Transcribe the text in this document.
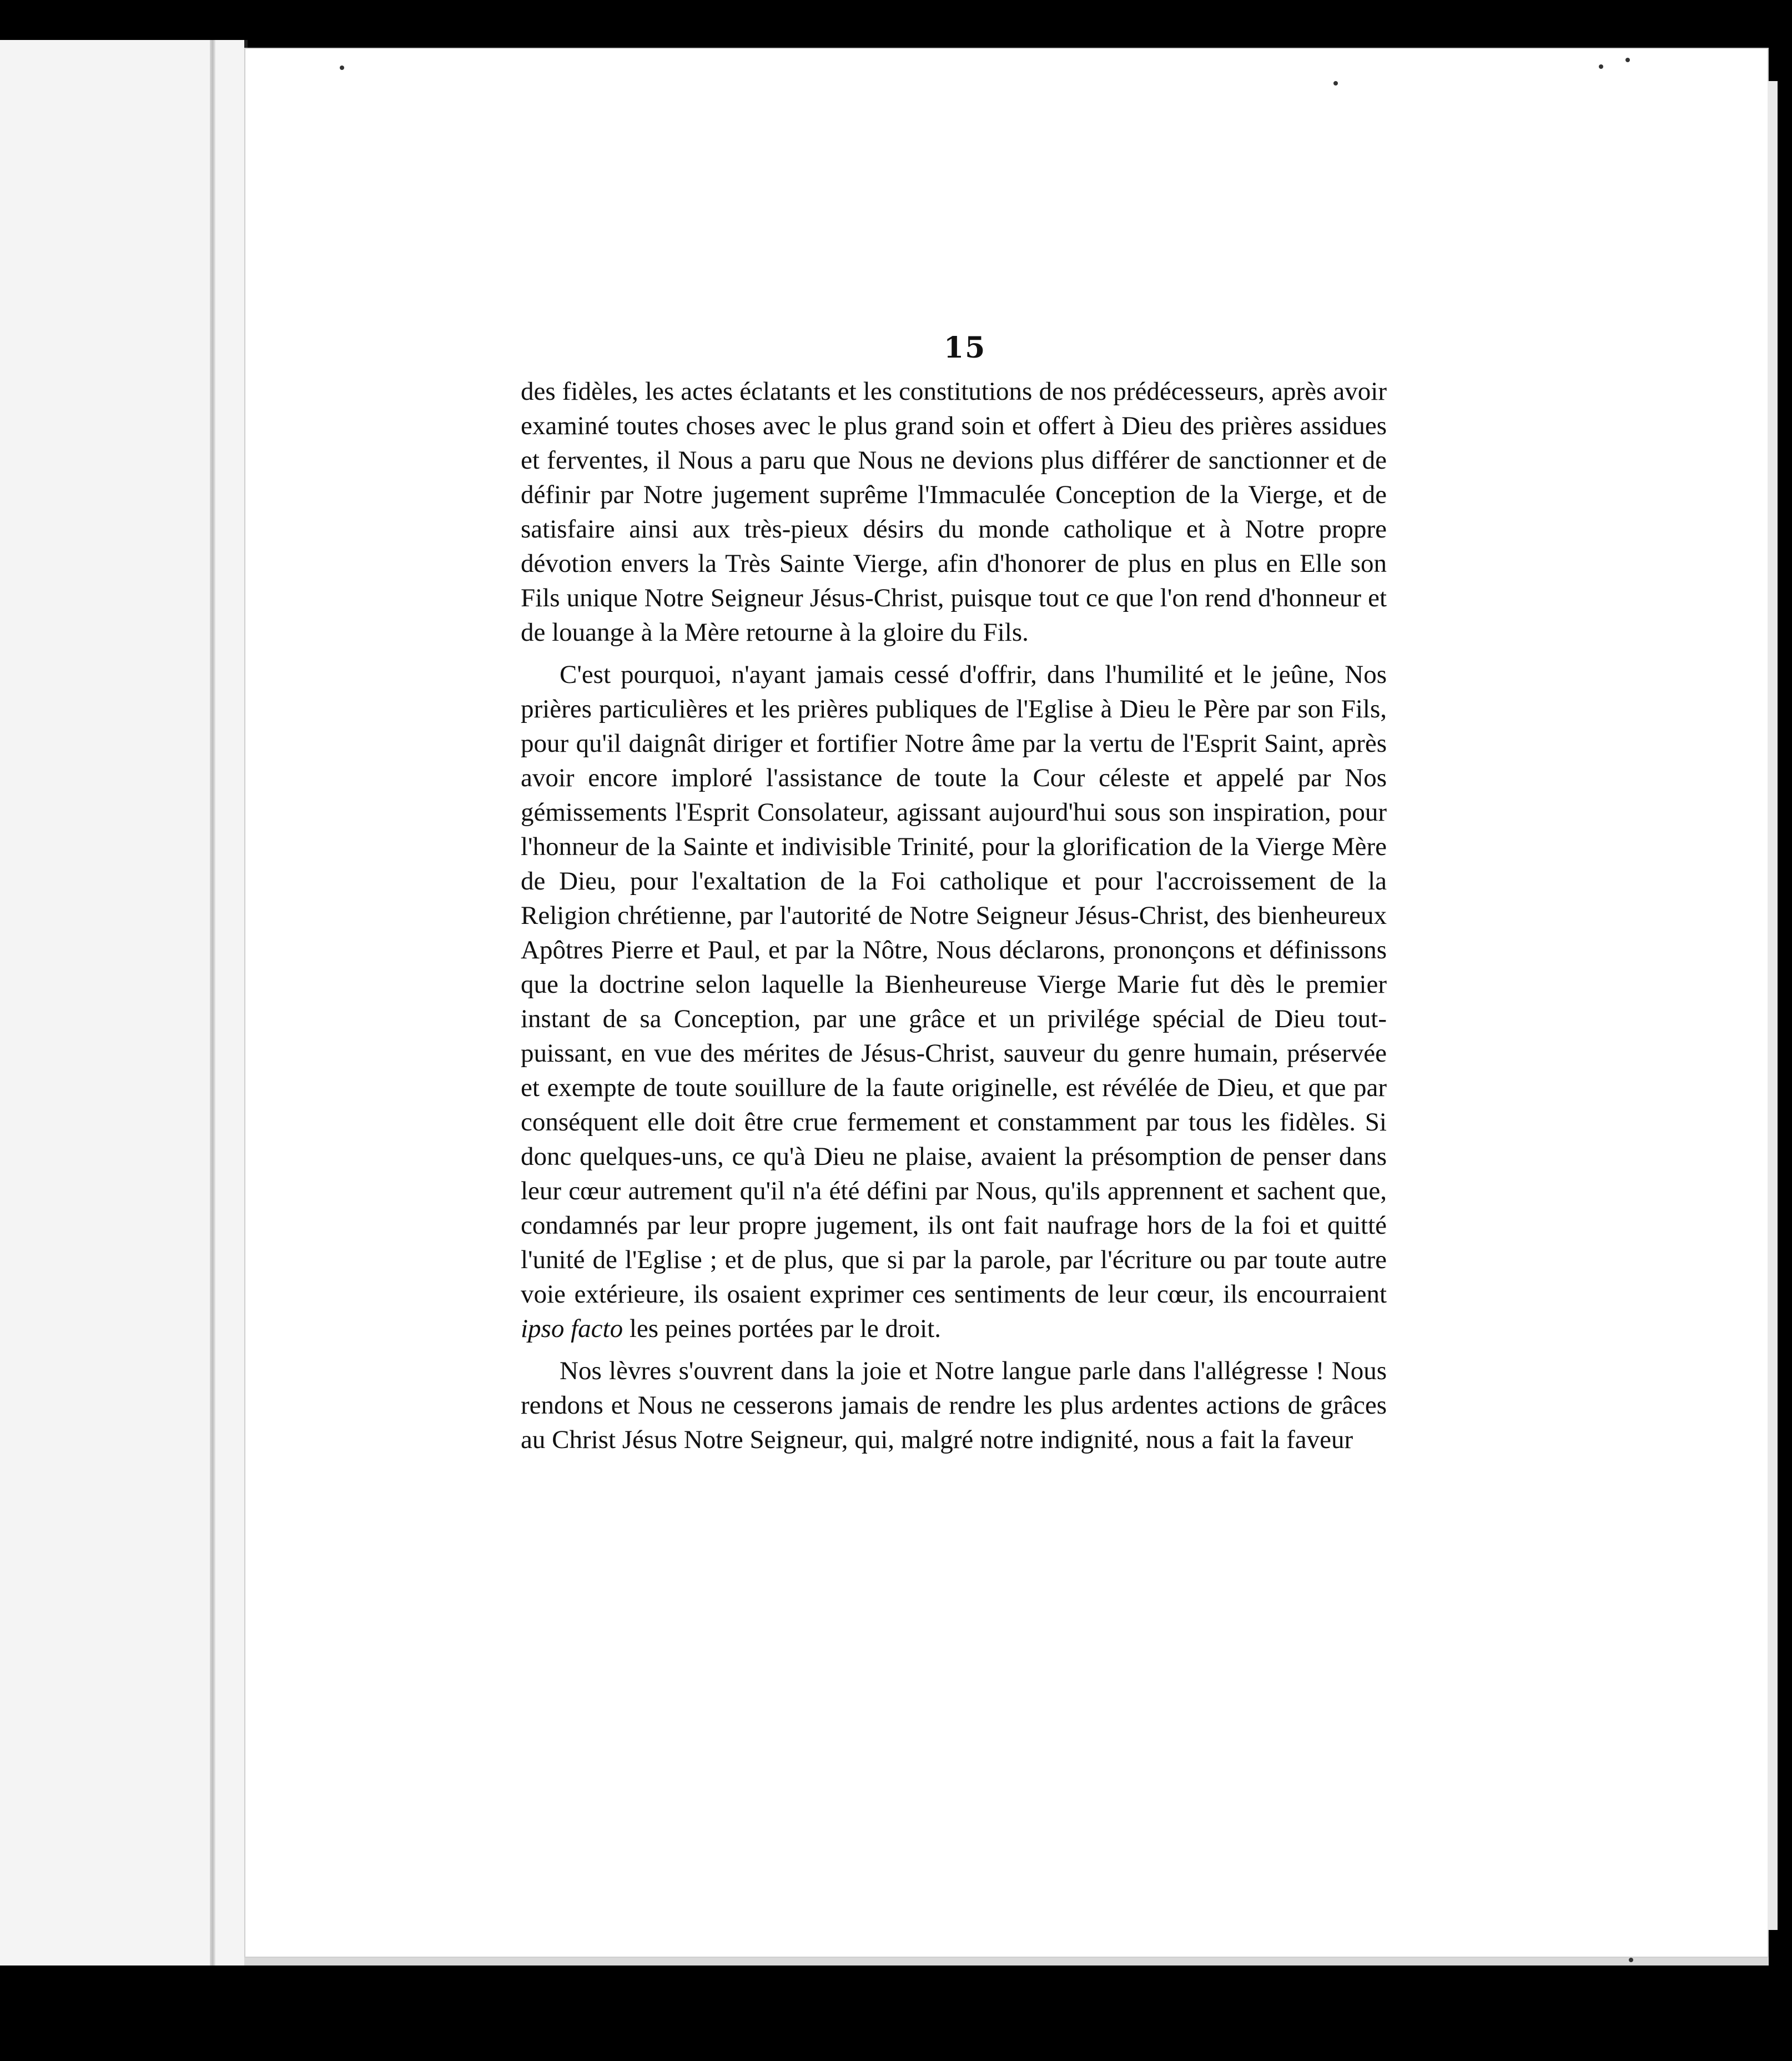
15

des fidèles, les actes éclatants et les constitutions de nos prédécesseurs, après avoir examiné toutes choses avec le plus grand soin et offert à Dieu des prières assidues et ferventes, il Nous a paru que Nous ne devions plus différer de sanctionner et de définir par Notre jugement suprême l'Immaculée Conception de la Vierge, et de satisfaire ainsi aux très-pieux désirs du monde catholique et à Notre propre dévotion envers la Très Sainte Vierge, afin d'honorer de plus en plus en Elle son Fils unique Notre Seigneur Jésus-Christ, puisque tout ce que l'on rend d'honneur et de louange à la Mère retourne à la gloire du Fils.

C'est pourquoi, n'ayant jamais cessé d'offrir, dans l'humilité et le jeûne, Nos prières particulières et les prières publiques de l'Eglise à Dieu le Père par son Fils, pour qu'il daignât diriger et fortifier Notre âme par la vertu de l'Esprit Saint, après avoir encore imploré l'assistance de toute la Cour céleste et appelé par Nos gémissements l'Esprit Consolateur, agissant aujourd'hui sous son inspiration, pour l'honneur de la Sainte et indivisible Trinité, pour la glorification de la Vierge Mère de Dieu, pour l'exaltation de la Foi catholique et pour l'accroissement de la Religion chrétienne, par l'autorité de Notre Seigneur Jésus-Christ, des bienheureux Apôtres Pierre et Paul, et par la Nôtre, Nous déclarons, prononçons et définissons que la doctrine selon laquelle la Bienheureuse Vierge Marie fut dès le premier instant de sa Conception, par une grâce et un privilége spécial de Dieu tout-puissant, en vue des mérites de Jésus-Christ, sauveur du genre humain, préservée et exempte de toute souillure de la faute originelle, est révélée de Dieu, et que par conséquent elle doit être crue fermement et constamment par tous les fidèles. Si donc quelques-uns, ce qu'à Dieu ne plaise, avaient la présomption de penser dans leur cœur autrement qu'il n'a été défini par Nous, qu'ils apprennent et sachent que, condamnés par leur propre jugement, ils ont fait naufrage hors de la foi et quitté l'unité de l'Eglise ; et de plus, que si par la parole, par l'écriture ou par toute autre voie extérieure, ils osaient exprimer ces sentiments de leur cœur, ils encourraient ipso facto les peines portées par le droit.

Nos lèvres s'ouvrent dans la joie et Notre langue parle dans l'allégresse ! Nous rendons et Nous ne cesserons jamais de rendre les plus ardentes actions de grâces au Christ Jésus Notre Seigneur, qui, malgré notre indignité, nous a fait la faveur
